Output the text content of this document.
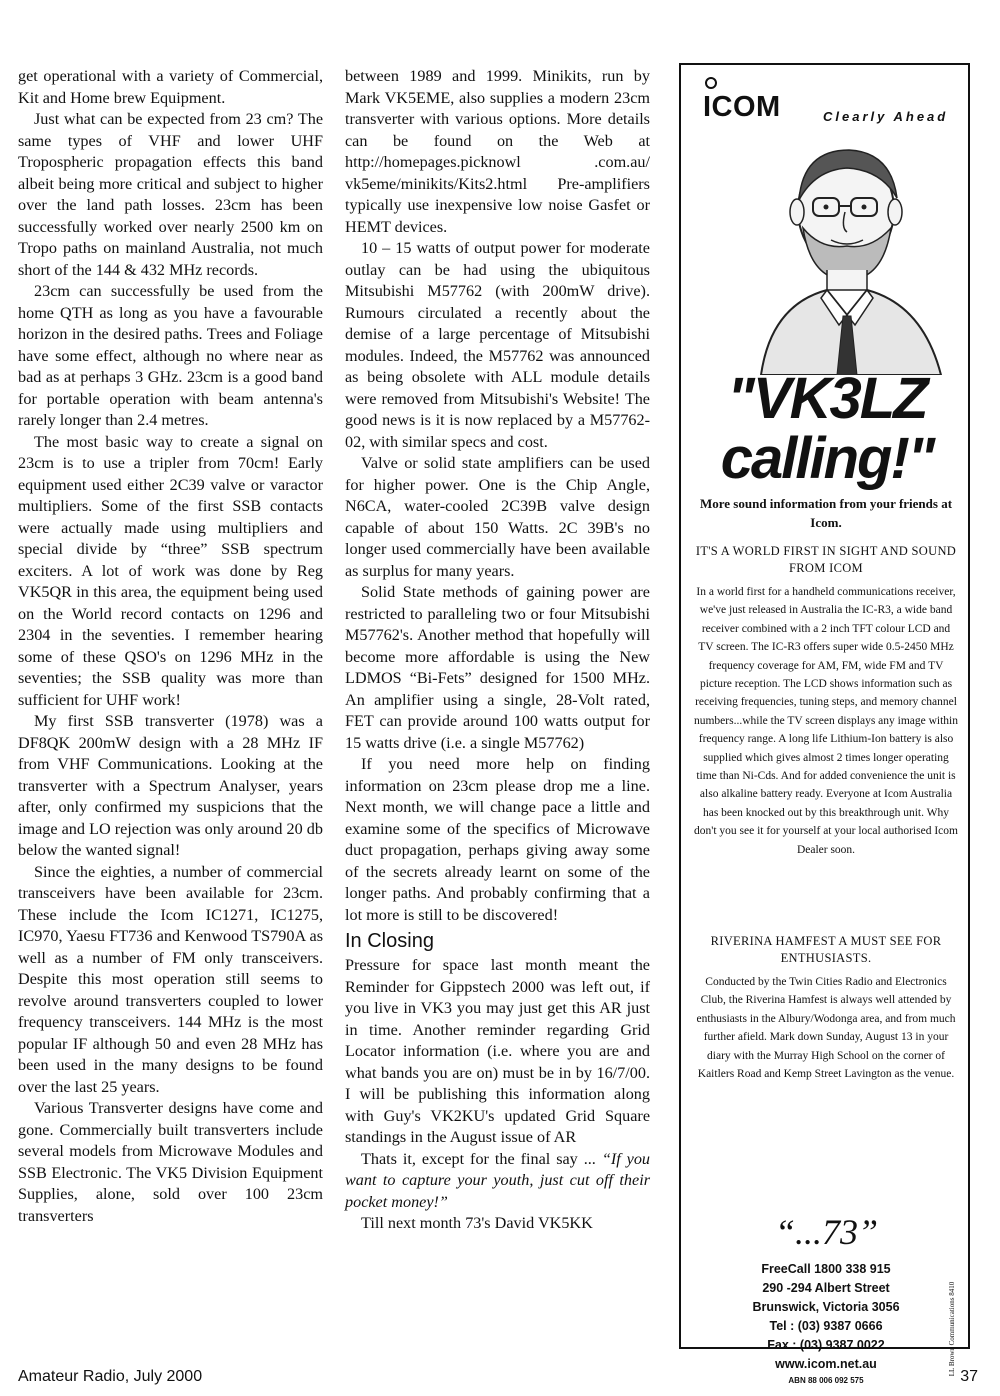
get operational with a variety of Commercial, Kit and Home brew Equipment.

Just what can be expected from 23 cm? The same types of VHF and lower UHF Tropospheric propagation effects this band albeit being more critical and subject to higher over the land path losses. 23cm has been successfully worked over nearly 2500 km on Tropo paths on mainland Australia, not much short of the 144 & 432 MHz records.

23cm can successfully be used from the home QTH as long as you have a favourable horizon in the desired paths. Trees and Foliage have some effect, although no where near as bad as at perhaps 3 GHz. 23cm is a good band for portable operation with beam antenna's rarely longer than 2.4 metres.

The most basic way to create a signal on 23cm is to use a tripler from 70cm! Early equipment used either 2C39 valve or varactor multipliers. Some of the first SSB contacts were actually made using multipliers and special divide by “three” SSB spectrum exciters. A lot of work was done by Reg VK5QR in this area, the equipment being used on the World record contacts on 1296 and 2304 in the seventies. I remember hearing some of these QSO's on 1296 MHz in the seventies; the SSB quality was more than sufficient for UHF work!

My first SSB transverter (1978) was a DF8QK 200mW design with a 28 MHz IF from VHF Communications. Looking at the transverter with a Spectrum Analyser, years after, only confirmed my suspicions that the image and LO rejection was only around 20 db below the wanted signal!

Since the eighties, a number of commercial transceivers have been available for 23cm. These include the Icom IC1271, IC1275, IC970, Yaesu FT736 and Kenwood TS790A as well as a number of FM only transceivers. Despite this most operation still seems to revolve around transverters coupled to lower frequency transceivers. 144 MHz is the most popular IF although 50 and even 28 MHz has been used in the many designs to be found over the last 25 years.

Various Transverter designs have come and gone. Commercially built transverters include several models from Microwave Modules and SSB Electronic. The VK5 Division Equipment Supplies, alone, sold over 100 23cm transverters

between 1989 and 1999. Minikits, run by Mark VK5EME, also supplies a modern 23cm transverter with various options. More details can be found on the Web at http://homepages.picknowl .com.au/ vk5eme/minikits/Kits2.html Pre-amplifiers typically use inexpensive low noise Gasfet or HEMT devices.

10 – 15 watts of output power for moderate outlay can be had using the ubiquitous Mitsubishi M57762 (with 200mW drive). Rumours circulated a recently about the demise of a large percentage of Mitsubishi modules. Indeed, the M57762 was announced as being obsolete with ALL module details were removed from Mitsubishi's Website! The good news is it is now replaced by a M57762-02, with similar specs and cost.

Valve or solid state amplifiers can be used for higher power. One is the Chip Angle, N6CA, water-cooled 2C39B valve design capable of about 150 Watts. 2C 39B's no longer used commercially have been available as surplus for many years.

Solid State methods of gaining power are restricted to paralleling two or four Mitsubishi M57762's. Another method that hopefully will become more affordable is using the New LDMOS “Bi-Fets” designed for 1500 MHz. An amplifier using a single, 28-Volt rated, FET can provide around 100 watts output for 15 watts drive (i.e. a single M57762)

If you need more help on finding information on 23cm please drop me a line. Next month, we will change pace a little and examine some of the specifics of Microwave duct propagation, perhaps giving away some of the secrets already learnt on some of the longer paths. And probably confirming that a lot more is still to be discovered!

In Closing

Pressure for space last month meant the Reminder for Gippstech 2000 was left out, if you live in VK3 you may just get this AR just in time. Another reminder regarding Grid Locator information (i.e. where you are and what bands you are on) must be in by 16/7/00. I will be publishing this information along with Guy's VK2KU's updated Grid Square standings in the August issue of AR

Thats it, except for the final say ... “If you want to capture your youth, just cut off their pocket money!”

Till next month 73's David VK5KK

ICOM	Clearly Ahead
"VK3LZ
calling!"
More sound information from your friends at Icom.
IT'S A WORLD FIRST IN SIGHT AND SOUND FROM ICOM
In a world first for a handheld communications receiver, we've just released in Australia the IC-R3, a wide band receiver combined with a 2 inch TFT colour LCD and TV screen. The IC-R3 offers super wide 0.5-2450 MHz frequency coverage for AM, FM, wide FM and TV picture reception. The LCD shows information such as receiving frequencies, tuning steps, and memory channel numbers...while the TV screen displays any image within frequency range. A long life Lithium-Ion battery is also supplied which gives almost 2 times longer operating time than Ni-Cds. And for added convenience the unit is also alkaline battery ready. Everyone at Icom Australia has been knocked out by this breakthrough unit. Why don't you see it for yourself at your local authorised Icom Dealer soon.
RIVERINA HAMFEST A MUST SEE FOR ENTHUSIASTS.
Conducted by the Twin Cities Radio and Electronics Club, the Riverina Hamfest is always well attended by enthusiasts in the Albury/Wodonga area, and from much further afield. Mark down Sunday, August 13 in your diary with the Murray High School on the corner of Kaitlers Road and Kemp Street Lavington as the venue.
“...73”
FreeCall 1800 338 915
290 -294 Albert Street
Brunswick, Victoria 3056
Tel : (03) 9387 0666
Fax : (03) 9387 0022
www.icom.net.au
ABN 88 006 092 575
LL Brown Communications 8410
Amateur Radio, July 2000	37
